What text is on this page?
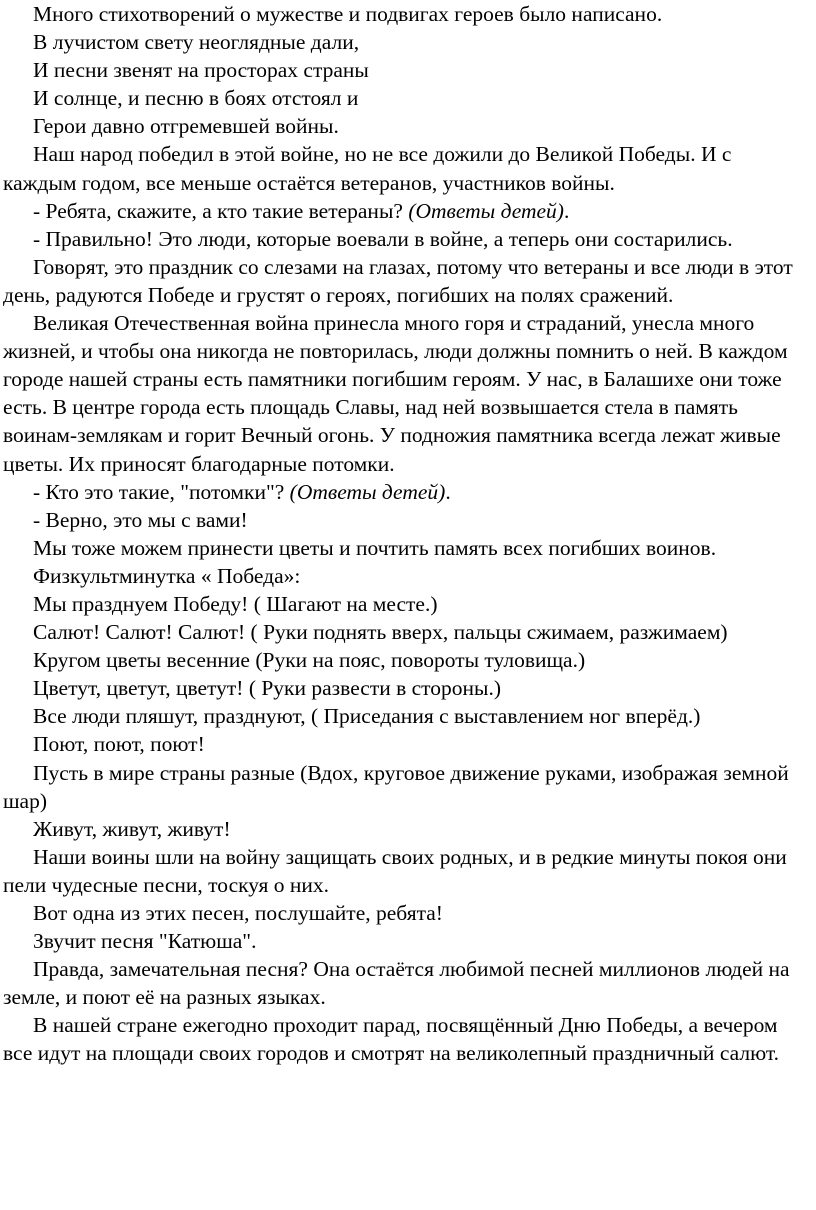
Много стихотворений о мужестве и подвигах героев было написано.

В лучистом свету неоглядные дали,

И песни звенят на просторах страны

И солнце, и песню в боях отстоял и

Герои давно отгремевшей войны.

Наш народ победил в этой войне, но не все дожили до Великой Победы. И с каждым годом, все меньше остаётся ветеранов, участников войны.

- Ребята, скажите, а кто такие ветераны? (Ответы детей).

- Правильно! Это люди, которые воевали в войне, а теперь они состарились.

Говорят, это праздник со слезами на глазах, потому что ветераны и все люди в этот день, радуются Победе и грустят о героях, погибших на полях сражений.

Великая Отечественная война принесла много горя и страданий, унесла много жизней, и чтобы она никогда не повторилась, люди должны помнить о ней. В каждом городе нашей страны есть памятники погибшим героям. У нас, в Балашихе они тоже есть. В центре города есть площадь Славы, над ней возвышается стела в память воинам-землякам и горит Вечный огонь. У подножия памятника всегда лежат живые цветы. Их приносят благодарные потомки.

- Кто это такие, "потомки"? (Ответы детей).

- Верно, это мы с вами!

Мы тоже можем принести цветы и почтить память всех погибших воинов.

Физкультминутка « Победа»:

Мы празднуем Победу! ( Шагают на месте.)

Салют! Салют! Салют! ( Руки поднять вверх, пальцы сжимаем, разжимаем)

Кругом цветы весенние (Руки на пояс, повороты туловища.)

Цветут, цветут, цветут! ( Руки развести в стороны.)

Все люди пляшут, празднуют, ( Приседания с выставлением ног вперёд.)

Поют, поют, поют!

Пусть в мире страны разные (Вдох, круговое движение руками, изображая земной шар)

Живут, живут, живут!

Наши воины шли на войну защищать своих родных, и в редкие минуты покоя они пели чудесные песни, тоскуя о них.

Вот одна из этих песен, послушайте, ребята!

Звучит песня "Катюша".

Правда, замечательная песня? Она остаётся любимой песней миллионов людей на земле, и поют её на разных языках.

В нашей стране ежегодно проходит парад, посвящённый Дню Победы, а вечером все идут на площади своих городов и смотрят на великолепный праздничный салют.
